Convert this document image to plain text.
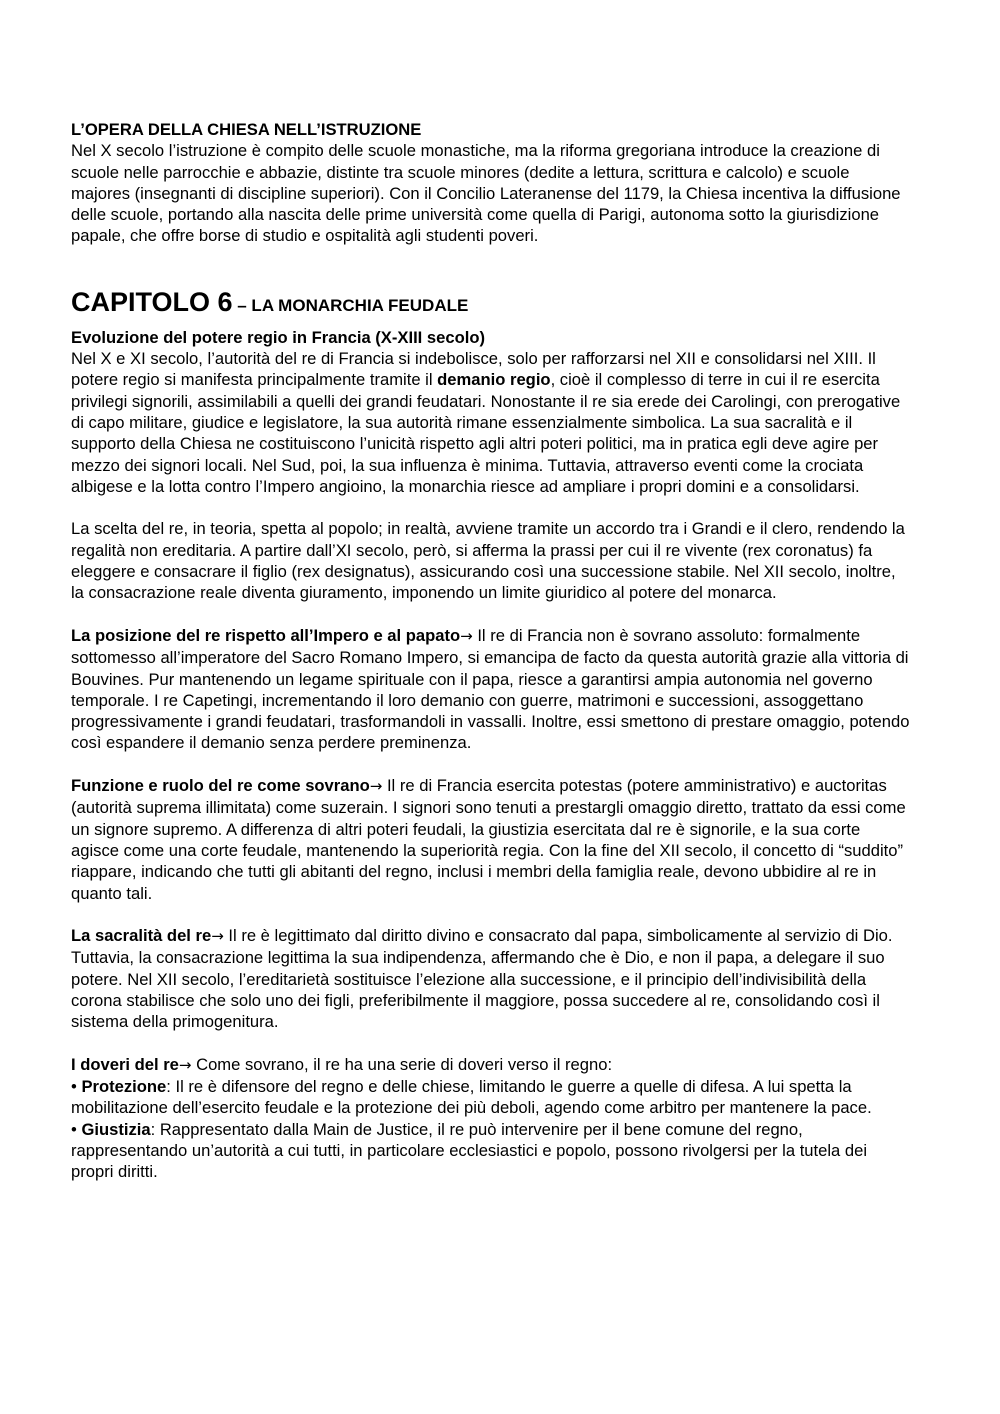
L’OPERA DELLA CHIESA NELL’ISTRUZIONE
Nel X secolo l’istruzione è compito delle scuole monastiche, ma la riforma gregoriana introduce la creazione di scuole nelle parrocchie e abbazie, distinte tra scuole minores (dedite a lettura, scrittura e calcolo) e scuole majores (insegnanti di discipline superiori). Con il Concilio Lateranense del 1179, la Chiesa incentiva la diffusione delle scuole, portando alla nascita delle prime università come quella di Parigi, autonoma sotto la giurisdizione papale, che offre borse di studio e ospitalità agli studenti poveri.
CAPITOLO 6 – LA MONARCHIA FEUDALE
Evoluzione del potere regio in Francia (X-XIII secolo)
Nel X e XI secolo, l’autorità del re di Francia si indebolisce, solo per rafforzarsi nel XII e consolidarsi nel XIII. Il potere regio si manifesta principalmente tramite il demanio regio, cioè il complesso di terre in cui il re esercita privilegi signorili, assimilabili a quelli dei grandi feudatari. Nonostante il re sia erede dei Carolingi, con prerogative di capo militare, giudice e legislatore, la sua autorità rimane essenzialmente simbolica. La sua sacralità e il supporto della Chiesa ne costituiscono l’unicità rispetto agli altri poteri politici, ma in pratica egli deve agire per mezzo dei signori locali. Nel Sud, poi, la sua influenza è minima. Tuttavia, attraverso eventi come la crociata albigese e la lotta contro l’Impero angioino, la monarchia riesce ad ampliare i propri domini e a consolidarsi.
La scelta del re, in teoria, spetta al popolo; in realtà, avviene tramite un accordo tra i Grandi e il clero, rendendo la regalità non ereditaria. A partire dall’XI secolo, però, si afferma la prassi per cui il re vivente (rex coronatus) fa eleggere e consacrare il figlio (rex designatus), assicurando così una successione stabile. Nel XII secolo, inoltre, la consacrazione reale diventa giuramento, imponendo un limite giuridico al potere del monarca.
La posizione del re rispetto all’Impero e al papato→ Il re di Francia non è sovrano assoluto: formalmente sottomesso all’imperatore del Sacro Romano Impero, si emancipa de facto da questa autorità grazie alla vittoria di Bouvines. Pur mantenendo un legame spirituale con il papa, riesce a garantirsi ampia autonomia nel governo temporale. I re Capetingi, incrementando il loro demanio con guerre, matrimoni e successioni, assoggettano progressivamente i grandi feudatari, trasformandoli in vassalli. Inoltre, essi smettono di prestare omaggio, potendo così espandere il demanio senza perdere preminenza.
Funzione e ruolo del re come sovrano→ Il re di Francia esercita potestas (potere amministrativo) e auctoritas (autorità suprema illimitata) come suzerain. I signori sono tenuti a prestargli omaggio diretto, trattato da essi come un signore supremo. A differenza di altri poteri feudali, la giustizia esercitata dal re è signorile, e la sua corte agisce come una corte feudale, mantenendo la superiorità regia. Con la fine del XII secolo, il concetto di “suddito” riappare, indicando che tutti gli abitanti del regno, inclusi i membri della famiglia reale, devono ubbidire al re in quanto tali.
La sacralità del re→ Il re è legittimato dal diritto divino e consacrato dal papa, simbolicamente al servizio di Dio. Tuttavia, la consacrazione legittima la sua indipendenza, affermando che è Dio, e non il papa, a delegare il suo potere. Nel XII secolo, l’ereditarietà sostituisce l’elezione alla successione, e il principio dell’indivisibilità della corona stabilisce che solo uno dei figli, preferibilmente il maggiore, possa succedere al re, consolidando così il sistema della primogenitura.
I doveri del re→ Come sovrano, il re ha una serie di doveri verso il regno:
• Protezione: Il re è difensore del regno e delle chiese, limitando le guerre a quelle di difesa. A lui spetta la mobilitazione dell’esercito feudale e la protezione dei più deboli, agendo come arbitro per mantenere la pace.
• Giustizia: Rappresentato dalla Main de Justice, il re può intervenire per il bene comune del regno, rappresentando un’autorità a cui tutti, in particolare ecclesiastici e popolo, possono rivolgersi per la tutela dei propri diritti.
